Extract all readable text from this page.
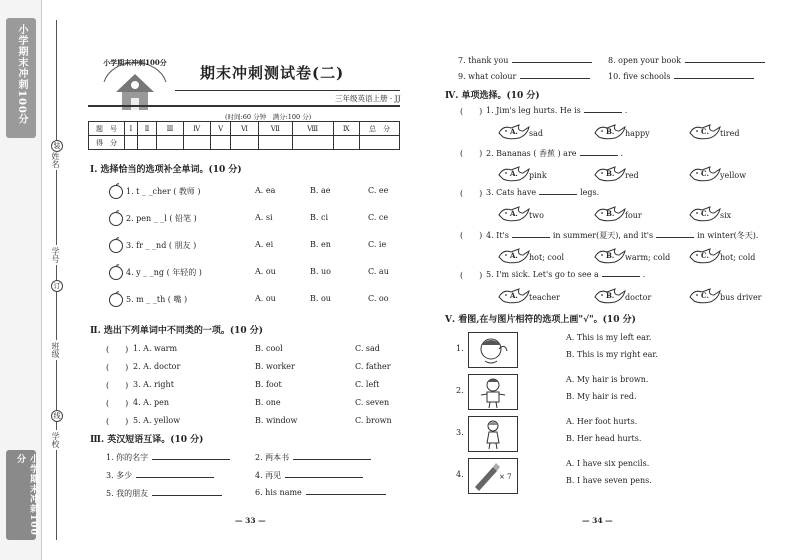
小学期末冲刺100分
小学期末冲刺100分
姓名
学号
班级
学校
装
订
线
小学期末冲刺100分
期末冲刺测试卷(二)
三年级英语上册 · JJ
(时间:60 分钟　满分:100 分)
题　号	Ⅰ	Ⅱ	Ⅲ	Ⅳ	Ⅴ	Ⅵ	Ⅶ	Ⅷ	Ⅸ	总　分
得　分										
Ⅰ. 选择恰当的选项补全单词。(10 分)
1. t _ _cher ( 教师 )	A. ea	B. ae	C. ee
2. pen _ _l ( 铅笔 )	A. si	B. ci	C. ce
3. fr _ _nd ( 朋友 )	A. ei	B. en	C. ie
4. y _ _ng ( 年轻的 )	A. ou	B. uo	C. au
5. m _ _th ( 嘴 )	A. ou	B. ou	C. oo
Ⅱ. 选出下列单词中不同类的一项。(10 分)
(　　) 1. A. warm	B. cool	C. sad
(　　) 2. A. doctor	B. worker	C. father
(　　) 3. A. right	B. foot	C. left
(　　) 4. A. pen	B. one	C. seven
(　　) 5. A. yellow	B. window	C. brown
Ⅲ. 英汉短语互译。(10 分)
1. 你的名字	2. 两本书
3. 多少	4. 再见
5. 我的朋友	6. his name
7. thank you	8. open your book
9. what colour	10. five schools
Ⅳ. 单项选择。(10 分)
(　　) 1. Jim's leg hurts. He is	.
A. sad	B. happy	C. tired
(　　) 2. Bananas ( 香蕉 ) are	.
A. pink	B. red	C. yellow
(　　) 3. Cats have	legs.
A. two	B. four	C. six
(　　) 4. It's	in summer(夏天), and it's	in winter(冬天).
A. hot; cool	B. warm; cold	C. hot; cold
(　　) 5. I'm sick. Let's go to see a	.
A. teacher	B. doctor	C. bus driver
Ⅴ. 看图,在与图片相符的选项上画"√"。(10 分)
1.
A. This is my left ear.
B. This is my right ear.
2.
A. My hair is brown.
B. My hair is red.
3.
A. Her foot hurts.
B. Her head hurts.
4.	× 7
A. I have six pencils.
B. I have seven pens.
— 33 —	— 34 —
